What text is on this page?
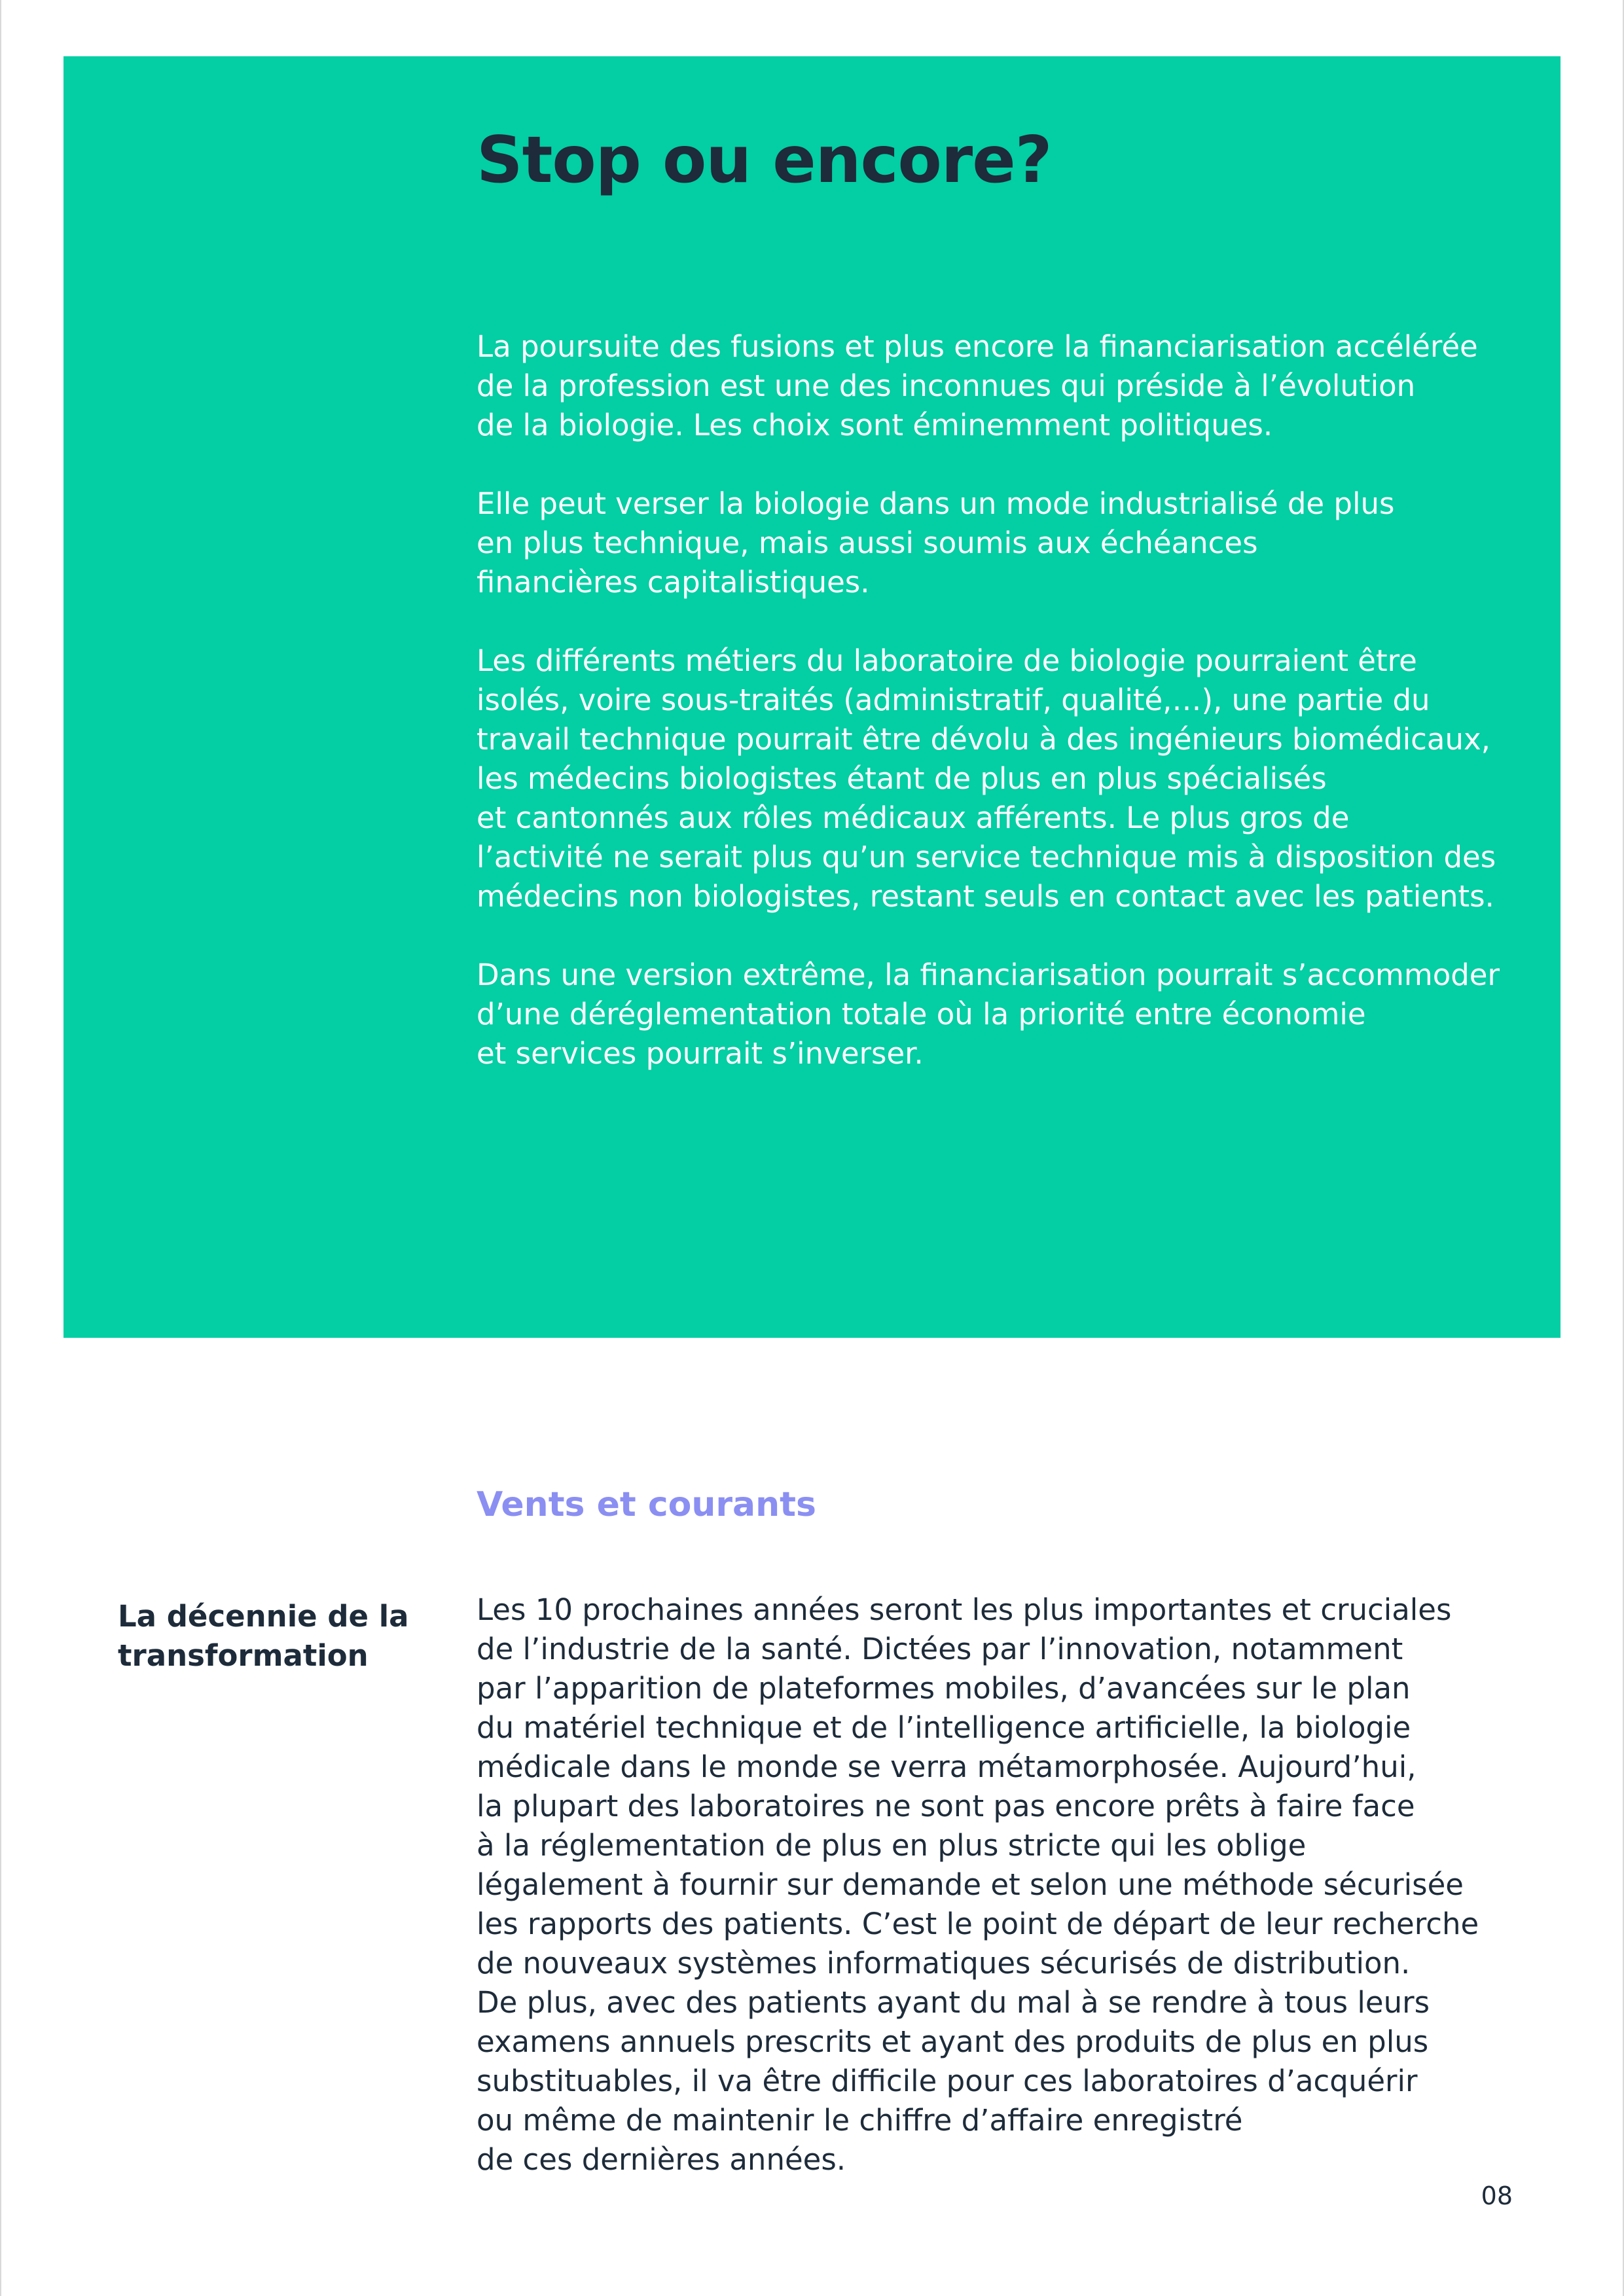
Stop ou encore?

La poursuite des fusions et plus encore la financiarisation accélérée
de la profession est une des inconnues qui préside à l’évolution
de la biologie. Les choix sont éminemment politiques.

Elle peut verser la biologie dans un mode industrialisé de plus
en plus technique, mais aussi soumis aux échéances
financières capitalistiques.

Les différents métiers du laboratoire de biologie pourraient être
isolés, voire sous-traités (administratif, qualité,…), une partie du
travail technique pourrait être dévolu à des ingénieurs biomédicaux,
les médecins biologistes étant de plus en plus spécialisés
et cantonnés aux rôles médicaux afférents. Le plus gros de
l’activité ne serait plus qu’un service technique mis à disposition des
médecins non biologistes, restant seuls en contact avec les patients.

Dans une version extrême, la financiarisation pourrait s’accommoder
d’une déréglementation totale où la priorité entre économie
et services pourrait s’inverser.

Vents et courants
La décennie de la
transformation

Les 10 prochaines années seront les plus importantes et cruciales
de l’industrie de la santé. Dictées par l’innovation, notamment
par l’apparition de plateformes mobiles, d’avancées sur le plan
du matériel technique et de l’intelligence artificielle, la biologie
médicale dans le monde se verra métamorphosée. Aujourd’hui,
la plupart des laboratoires ne sont pas encore prêts à faire face
à la réglementation de plus en plus stricte qui les oblige
légalement à fournir sur demande et selon une méthode sécurisée
les rapports des patients. C’est le point de départ de leur recherche
de nouveaux systèmes informatiques sécurisés de distribution.
De plus, avec des patients ayant du mal à se rendre à tous leurs
examens annuels prescrits et ayant des produits de plus en plus
substituables, il va être difficile pour ces laboratoires d’acquérir
ou même de maintenir le chiffre d’affaire enregistré
de ces dernières années.

08
